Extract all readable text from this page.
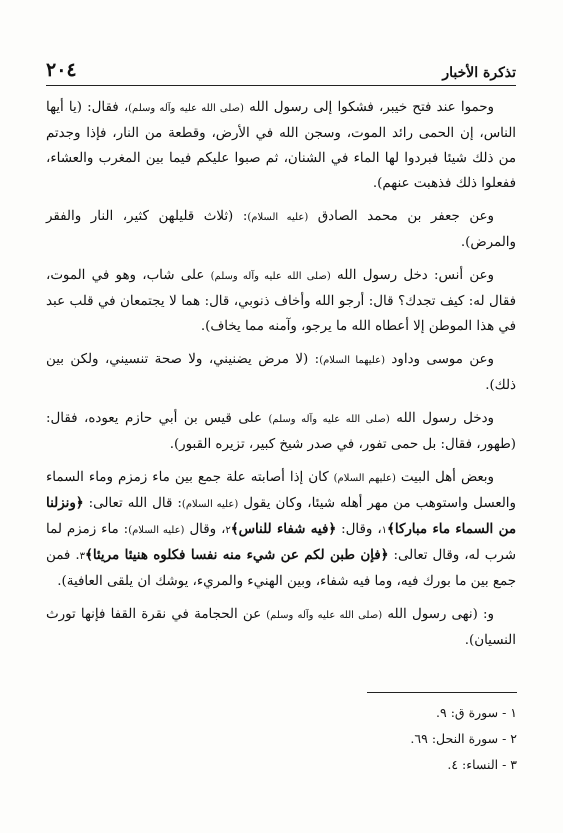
٢٠٤	تذكرة الأخبار

وحموا عند فتح خيبر، فشكوا إلى رسول الله (صلى الله عليه وآله وسلم)، فقال: (يا أيها الناس، إن الحمى رائد الموت، وسجن الله في الأرض، وقطعة من النار، فإذا وجدتم من ذلك شيئا فبردوا لها الماء في الشنان، ثم صبوا عليكم فيما بين المغرب والعشاء، ففعلوا ذلك فذهبت عنهم).

وعن جعفر بن محمد الصادق (عليه السلام): (ثلاث قليلهن كثير، النار والفقر والمرض).

وعن أنس: دخل رسول الله (صلى الله عليه وآله وسلم) على شاب، وهو في الموت، فقال له: كيف تجدك؟ قال: أرجو الله وأخاف ذنوبي، قال: هما لا يجتمعان في قلب عبد في هذا الموطن إلا أعطاه الله ما يرجو، وآمنه مما يخاف).

وعن موسى وداود (عليهما السلام): (لا مرض يضنيني، ولا صحة تنسيني، ولكن بين ذلك).

ودخل رسول الله (صلى الله عليه وآله وسلم) على قيس بن أبي حازم يعوده، فقال: (طهور، فقال: بل حمى تفور، في صدر شيخ كبير، تزيره القبور).

وبعض أهل البيت (عليهم السلام) كان إذا أصابته علة جمع بين ماء زمزم وماء السماء والعسل واستوهب من مهر أهله شيئا، وكان يقول (عليه السلام): قال الله تعالى: ﴿ونزلنا من السماء ماء مباركا﴾١، وقال: ﴿فيه شفاء للناس﴾٢، وقال (عليه السلام): ماء زمزم لما شرب له، وقال تعالى: ﴿فإن طبن لكم عن شيء منه نفسا فكلوه هنيئا مريئا﴾٣. فمن جمع بين ما بورك فيه، وما فيه شفاء، وبين الهنيء والمريء، يوشك ان يلقى العافية).

و: (نهى رسول الله (صلى الله عليه وآله وسلم) عن الحجامة في نقرة القفا فإنها تورث النسيان).

١ - سورة ق: ٩.
٢ - سورة النحل: ٦٩.
٣ - النساء: ٤.
